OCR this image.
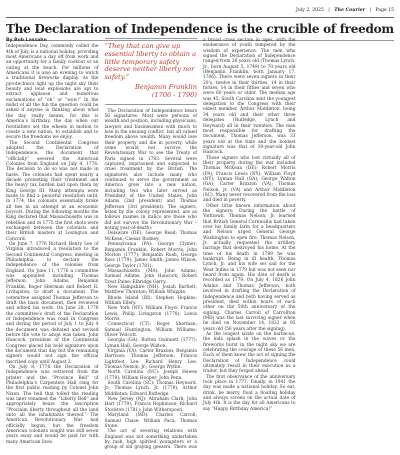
July 2, 2025   |   The Courier   |   Page 15
The Declaration of Independence is the crucible of freedom
By Bob Lassahn

Independence Day, commonly called the 4th of July, is a national holiday, providing most Americans a day off from work and an opportunity for a family cookout or an outing at the beach. For millions of Americans it is also an evening to watch a traditional fireworks display. As the pyrotechnics light up the night sky their beauty and loud explosions are apt to extract applause and numerous exclamations of “oh” or “wow!” In the midst of all the fun the question could be asked if anyone is thinking about what the day really means, for this is America’s birthday, the day when our forefathers set the wheels in motion to create a new nation, to establish and to secure the freedoms we enjoy.

The Second Continental Congress adopted the Declaration of Independence, the document that “officially” severed the American Colonies from England on July 4, 1776. The decision to do so was not made in haste. The colonists had spent nearly a decade protesting their treatment and the heavy tax burden laid upon them by King George III. Many attempts were made to find a peaceful resolution until, in 1774, the colonists essentially broke all ties in an attempt at an economic boycott. During the following months the King declared that Massachusetts was in rebellion and in 1775 the first shots were exchanged between the colonists and their British masters at Lexington and Concord.

On June 7, 1776 Richard Henry Lee of Virginia introduced a resolution to the Second Continental Congress, meeting in Philadelphia, to declare the independence of the colonies from England. On June 11, 1776 a committee was appointed including Thomas Jefferson, John Adams, Benjamin Franklin, Roger Sherman and Robert R. Livingston, to draft a document. The committee assigned Thomas Jefferson to draft the basic document, then reviewed and edited his work. On June 28, 1776 the committee’s draft of the Declaration of Independence was read in Congress and during the period of July 1 to July 4 the document was debated and revised before the vote to adopt was taken. John Hancock, president of the Continental Congress placed his bold signature upon the document that day but the remaining signers would not sign the official inscribed copy until August 2.

On July 8, 1776 the Declaration of Independence was retrieved from the printer and the “Province Bell” of Philadelphia’s Carpenters Hall rang for the first public reading by Colonel John Nixon. The bell that tolled the reading was later renamed the “Liberty Bell” and appropriately bears the inscription “Proclaim liberty throughout all the land unto all the inhabitants thereof.” The American Revolutionary War had officially begun, but the freedom American colonists sought was still seven years away and would be paid for with many American lives.

“They that can give up essential liberty to obtain a little temporary safety deserve neither liberty nor safety.”
Benjamin Franklin
(1706 - 1790)

The Declaration of Independence bears 56 signatures. Most were persons of wealth and position, including physicians, lawyers and businessmen with much to lose in the ensuing conflict, but all valued freedom above wealth. Many would lose their property and die in poverty, while some would not survive the Revolutionary War to see the Treaty of Paris signed in 1783. Several were captured, imprisoned and subjected to cruel treatment by the British. The signatures also include many who continued to serve the government as America grew into a new nation, including two who later served as President of the United States, John Adams (2nd president) and Thomas Jefferson (3rd president). The signers, listed by the colony represented, are as follows (names in italics are those who did not survive the Revolutionary War – noting year-of-death):

Delaware (DE): George Read; Thomas McKean; Caesar Rodney.

Pennsylvania (PA): George Clymer; Benjamin Franklin; Robert Morris; John Morton (1777); Benjamin Rush; George Ross (1779); James Smith; James Wilson; George Taylor (1781).

Massachusetts (MA): John Adams; Samuel Adams; John Hancock; Robert Treat Paine; Elbridge Gerry.

New Hampshire (NH): Josiah Bartlett; Matthew Thornton; William Whipple.

Rhode Island (RI): Stephen Hopkins; William Ellery.

New York (NY): William Floyd; Francis Lewis; Philip Livingston (1778); Lewis Morris.

Connecticut (CT): Roger Sherman; Samuel Huntington; William Williams; Oliver Wolcott.

Georgia (GA): Button Gwinnett (1777); Lyman Hall; George Walton.

Virginia (VA): Carter Braxton; Benjamin Harrison; Thomas Jefferson; Francis Lightfoot Lee; Richard Henry Lee; Thomas Nelson, Jr.; George Wythe.

North Carolina (NC): Joseph Hewes (1779); William Hooper; John Penn.

South Carolina (SC): Thomas Heyward, Jr.; Thomas Lynch, Jr. (1779); Arthur Middleton; Edward Rutledge.

New Jersey (NJ): Abraham Clark; John Hart (1779); Francis Hopkinson; Richard Stockton (1781); John Witherspoon.

Maryland (MD): Charles Carroll; Samuel Chase; William Paca; Thomas Stone.

The act of severing relations with England was not something undertaken by rash, high spirited youngsters or a group of old graying geezers. There was a broad cross section in ages, with the exuberance of youth tempered by the wisdom of experience. The men who signed the Declaration of Independence ranged from 26 years old (Thomas Lynch, Jr., born August 5, 1749) to 70 years old (Benjamin Franklin, born January 17, 1706). There were seven signers in their 20’s, twelve in their thirties, 14 in their forties, 14 in their fifties and seven who were 60 years or older. The median age was 45. South Carolina sent the youngest delegation to the Congress with their oldest member, Arthur Middleton, being 34 years old and their other three delegates (Rutledge, Lynch and Heyward) all in their twenties. The man most responsible for drafting the document, Thomas Jefferson, was 33 years old at the time and the boldest signature was that of 39-year-old John Hancock.

Those signers who lost virtually all of their property during the war included Thomas McKean (DE); Robert Morris (PA); Francis Lewis (NY); William Floyd (NY); Lyman Hall (GA); George Walton (GA); Carter Braxton (VA); Thomas Nelson, Jr. (VA) and Arthur Middleton (SC). Many never recovered from the loss and died in poverty.

Other little known information about the signers: During the battle of Yorktown, Thomas Nelson, Jr. learned that British General Cornwallis had taken over his family farm for a headquarters and Nelson urged General George Washington to open fire. Thomas Nelson, Jr. actually requested the artillery barrage that destroyed his home. At the time of his death in 1789 he was bankrupt. Being in ill health, Thomas Lynch, Jr. and his wife set sail for the West Indies in 1779 but was not seen nor heard from again. His date of death is recorded as 1779. On July 4, 1826 John Adams and Thomas Jefferson, both involved in drafting the Declaration of Independence and both having served as president, died within hours of each other on the 50th anniversary of the signing. Charles Carroll of Carrollton (MD) was the last surviving signer when he died on November 14, 1832 at 95 years old (56 years after the signing).

As the longest sizzle on the barbecue, the kids splash in the waves or the fireworks burst in the night sky we are celebrating the courage of these 56 men. Each of them knew the act of signing the Declaration of Independence could ultimately result in their execution as a traitor, but they forged ahead.

The first observance of the anniversary took place in 1777. Finally, in 1941 the day was made a national holiday. So eat, drink, be merry, float a floating holiday and always screen on the actual date of July 4th. It is the day for all Americans to say “Happy Birthday America!”
